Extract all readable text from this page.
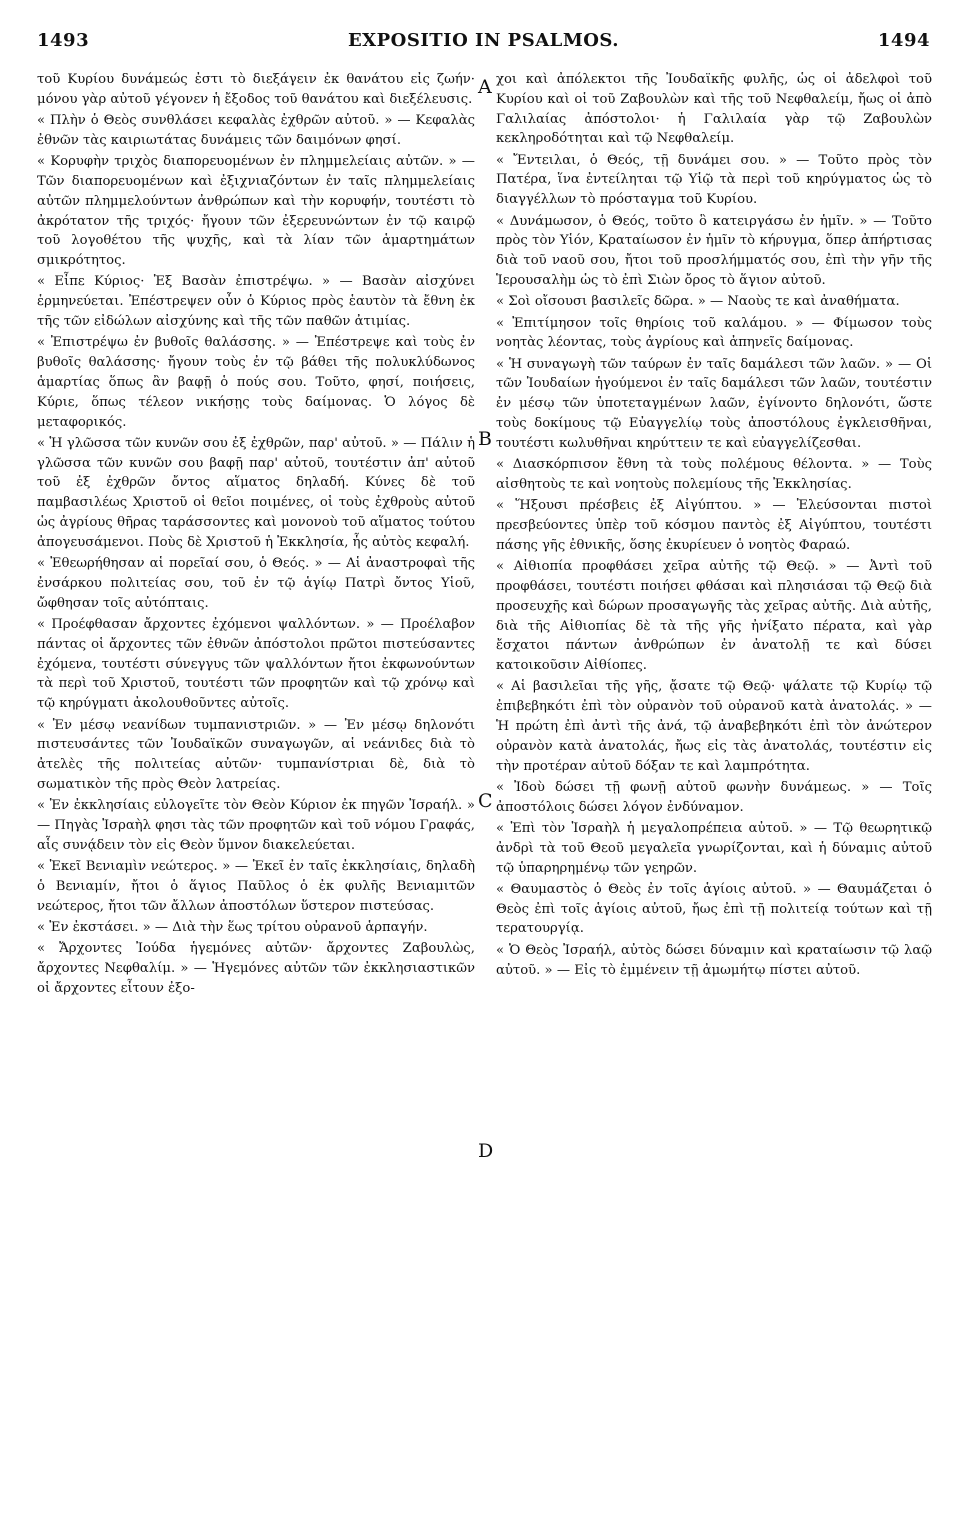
1493	EXPOSITIO IN PSALMOS.	1494
A
B
C
D

τοῦ Κυρίου δυνάμεώς ἐστι τὸ διεξάγειν ἐκ θανάτου εἰς ζωήν· μόνου γὰρ αὐτοῦ γέγονεν ἡ ἔξοδος τοῦ θανάτου καὶ διεξέλευσις.

« Πλὴν ὁ Θεὸς συνθλάσει κεφαλὰς ἐχθρῶν αὐτοῦ. » — Κεφαλὰς ἐθνῶν τὰς καιριωτάτας δυνάμεις τῶν δαιμόνων φησί.

« Κορυφὴν τριχὸς διαπορευομένων ἐν πλημμελείαις αὐτῶν. » — Τῶν διαπορευομένων καὶ ἐξιχνιαζόντων ἐν ταῖς πλημμελείαις αὐτῶν πλημμελούντων ἀνθρώπων καὶ τὴν κορυφήν, τουτέστι τὸ ἀκρότατον τῆς τριχός· ἤγουν τῶν ἐξερευνώντων ἐν τῷ καιρῷ τοῦ λογοθέτου τῆς ψυχῆς, καὶ τὰ λίαν τῶν ἁμαρτημάτων σμικρότητος.

« Εἶπε Κύριος· Ἐξ Βασὰν ἐπιστρέψω. » — Βασὰν αἰσχύνει ἑρμηνεύεται. Ἐπέστρεψεν οὖν ὁ Κύριος πρὸς ἑαυτὸν τὰ ἔθνη ἐκ τῆς τῶν εἰδώλων αἰσχύνης καὶ τῆς τῶν παθῶν ἀτιμίας.

« Ἐπιστρέψω ἐν βυθοῖς θαλάσσης. » — Ἐπέστρεψε καὶ τοὺς ἐν βυθοῖς θαλάσσης· ἤγουν τοὺς ἐν τῷ βάθει τῆς πολυκλύδωνος ἁμαρτίας ὅπως ἂν βαφῇ ὁ πούς σου. Τοῦτο, φησί, ποιήσεις, Κύριε, ὅπως τέλεον νικήσῃς τοὺς δαίμονας. Ὁ λόγος δὲ μεταφορικός.

« Ἡ γλῶσσα τῶν κυνῶν σου ἐξ ἐχθρῶν, παρ' αὐτοῦ. » — Πάλιν ἡ γλῶσσα τῶν κυνῶν σου βαφῇ παρ' αὐτοῦ, τουτέστιν ἀπ' αὐτοῦ τοῦ ἐξ ἐχθρῶν ὄντος αἵματος δηλαδή. Κύνες δὲ τοῦ παμβασιλέως Χριστοῦ οἱ θεῖοι ποιμένες, οἱ τοὺς ἐχθροὺς αὐτοῦ ὡς ἀγρίους θῆρας ταράσσοντες καὶ μονονοὺ τοῦ αἵματος τούτου ἀπογευσάμενοι. Ποὺς δὲ Χριστοῦ ἡ Ἐκκλησία, ἧς αὐτὸς κεφαλή.

« Ἐθεωρήθησαν αἱ πορεῖαί σου, ὁ Θεός. » — Αἱ ἀναστροφαὶ τῆς ἐνσάρκου πολιτείας σου, τοῦ ἐν τῷ ἁγίῳ Πατρὶ ὄντος Υἱοῦ, ὤφθησαν τοῖς αὐτόπταις.

« Προέφθασαν ἄρχοντες ἐχόμενοι ψαλλόντων. » — Προέλαβον πάντας οἱ ἄρχοντες τῶν ἐθνῶν ἀπόστολοι πρῶτοι πιστεύσαντες ἐχόμενα, τουτέστι σύνεγγυς τῶν ψαλλόντων ἤτοι ἐκφωνούντων τὰ περὶ τοῦ Χριστοῦ, τουτέστι τῶν προφητῶν καὶ τῷ χρόνῳ καὶ τῷ κηρύγματι ἀκολουθοῦντες αὐτοῖς.

« Ἐν μέσῳ νεανίδων τυμπανιστριῶν. » — Ἐν μέσῳ δηλονότι πιστευσάντες τῶν Ἰουδαϊκῶν συναγωγῶν, αἱ νεάνιδες διὰ τὸ ἀτελὲς τῆς πολιτείας αὐτῶν· τυμπανίστριαι δὲ, διὰ τὸ σωματικὸν τῆς πρὸς Θεὸν λατρείας.

« Ἐν ἐκκλησίαις εὐλογεῖτε τὸν Θεὸν Κύριον ἐκ πηγῶν Ἰσραήλ. » — Πηγὰς Ἰσραὴλ φησι τὰς τῶν προφητῶν καὶ τοῦ νόμου Γραφάς, αἷς συνᾴδειν τὸν εἰς Θεὸν ὕμνον διακελεύεται.

« Ἐκεῖ Βενιαμὶν νεώτερος. » — Ἐκεῖ ἐν ταῖς ἐκκλησίαις, δηλαδὴ ὁ Βενιαμίν, ἤτοι ὁ ἅγιος Παῦλος ὁ ἐκ φυλῆς Βενιαμιτῶν νεώτερος, ἤτοι τῶν ἄλλων ἀποστόλων ὕστερον πιστεύσας.

« Ἐν ἐκστάσει. » — Διὰ τὴν ἕως τρίτου οὐρανοῦ ἁρπαγήν.

« Ἄρχοντες Ἰούδα ἡγεμόνες αὐτῶν· ἄρχοντες Ζαβουλὼς, ἄρχοντες Νεφθαλίμ. » — Ἡγεμόνες αὐτῶν τῶν ἐκκλησιαστικῶν οἱ ἄρχοντες εἶτουν ἐξο-

χοι καὶ ἀπόλεκτοι τῆς Ἰουδαϊκῆς φυλῆς, ὡς οἱ ἀδελφοὶ τοῦ Κυρίου καὶ οἱ τοῦ Ζαβουλὼν καὶ τῆς τοῦ Νεφθαλείμ, ἤως οἱ ἀπὸ Γαλιλαίας ἀπόστολοι· ἡ Γαλιλαία γὰρ τῷ Ζαβουλὼν κεκληροδότηται καὶ τῷ Νεφθαλείμ.

« Ἔντειλαι, ὁ Θεός, τῇ δυνάμει σου. » — Τοῦτο πρὸς τὸν Πατέρα, ἵνα ἐντείληται τῷ Υἱῷ τὰ περὶ τοῦ κηρύγματος ὡς τὸ διαγγέλλων τὸ πρόσταγμα τοῦ Κυρίου.

« Δυνάμωσον, ὁ Θεός, τοῦτο ὃ κατειργάσω ἐν ἡμῖν. » — Τοῦτο πρὸς τὸν Υἱόν, Κραταίωσον ἐν ἡμῖν τὸ κήρυγμα, ὅπερ ἀπήρτισας διὰ τοῦ ναοῦ σου, ἤτοι τοῦ προσλήμματός σου, ἐπὶ τὴν γῆν τῆς Ἱερουσαλὴμ ὡς τὸ ἐπὶ Σιὼν ὄρος τὸ ἅγιον αὐτοῦ.

« Σοὶ οἴσουσι βασιλεῖς δῶρα. » — Ναοὺς τε καὶ ἀναθήματα.

« Ἐπιτίμησον τοῖς θηρίοις τοῦ καλάμου. » — Φίμωσον τοὺς νοητὰς λέοντας, τοὺς ἀγρίους καὶ ἀπηνεῖς δαίμονας.

« Ἡ συναγωγὴ τῶν ταύρων ἐν ταῖς δαμάλεσι τῶν λαῶν. » — Οἱ τῶν Ἰουδαίων ἡγούμενοι ἐν ταῖς δαμάλεσι τῶν λαῶν, τουτέστιν ἐν μέσῳ τῶν ὑποτεταγμένων λαῶν, ἐγίνοντο δηλονότι, ὥστε τοὺς δοκίμους τῷ Εὐαγγελίῳ τοὺς ἀποστόλους ἐγκλεισθῆναι, τουτέστι κωλυθῆναι κηρύττειν τε καὶ εὐαγγελίζεσθαι.

« Διασκόρπισον ἔθνη τὰ τοὺς πολέμους θέλοντα. » — Τοὺς αἰσθητοὺς τε καὶ νοητοὺς πολεμίους τῆς Ἐκκλησίας.

« Ἥξουσι πρέσβεις ἐξ Αἰγύπτου. » — Ἐλεύσονται πιστοὶ πρεσβεύοντες ὑπὲρ τοῦ κόσμου παντὸς ἐξ Αἰγύπτου, τουτέστι πάσης γῆς ἐθνικῆς, ὅσης ἐκυρίευεν ὁ νοητὸς Φαραώ.

« Αἰθιοπία προφθάσει χεῖρα αὐτῆς τῷ Θεῷ. » — Ἀντὶ τοῦ προφθάσει, τουτέστι ποιήσει φθάσαι καὶ πλησιάσαι τῷ Θεῷ διὰ προσευχῆς καὶ δώρων προσαγωγῆς τὰς χεῖρας αὐτῆς. Διὰ αὐτῆς, διὰ τῆς Αἰθιοπίας δὲ τὰ τῆς γῆς ἠνίξατο πέρατα, καὶ γὰρ ἔσχατοι πάντων ἀνθρώπων ἐν ἀνατολῇ τε καὶ δύσει κατοικοῦσιν Αἰθίοπες.

« Αἱ βασιλεῖαι τῆς γῆς, ᾄσατε τῷ Θεῷ· ψάλατε τῷ Κυρίῳ τῷ ἐπιβεβηκότι ἐπὶ τὸν οὐρανὸν τοῦ οὐρανοῦ κατὰ ἀνατολάς. » — Ἡ πρώτη ἐπὶ ἀντὶ τῆς ἀνά, τῷ ἀναβεβηκότι ἐπὶ τὸν ἀνώτερον οὐρανὸν κατὰ ἀνατολάς, ἤως εἰς τὰς ἀνατολάς, τουτέστιν εἰς τὴν προτέραν αὐτοῦ δόξαν τε καὶ λαμπρότητα.

« Ἰδοὺ δώσει τῇ φωνῇ αὐτοῦ φωνὴν δυνάμεως. » — Τοῖς ἀποστόλοις δώσει λόγον ἐνδύναμον.

« Ἐπὶ τὸν Ἰσραὴλ ἡ μεγαλοπρέπεια αὐτοῦ. » — Τῷ θεωρητικῷ ἀνδρὶ τὰ τοῦ Θεοῦ μεγαλεῖα γνωρίζονται, καὶ ἡ δύναμις αὐτοῦ τῷ ὑπαρηρημένῳ τῶν γεηρῶν.

« Θαυμαστὸς ὁ Θεὸς ἐν τοῖς ἁγίοις αὐτοῦ. » — Θαυμάζεται ὁ Θεὸς ἐπὶ τοῖς ἁγίοις αὐτοῦ, ἤως ἐπὶ τῇ πολιτείᾳ τούτων καὶ τῇ τερατουργίᾳ.

« Ὁ Θεὸς Ἰσραήλ, αὐτὸς δώσει δύναμιν καὶ κραταίωσιν τῷ λαῷ αὐτοῦ. » — Εἰς τὸ ἐμμένειν τῇ ἀμωμήτῳ πίστει αὐτοῦ.
